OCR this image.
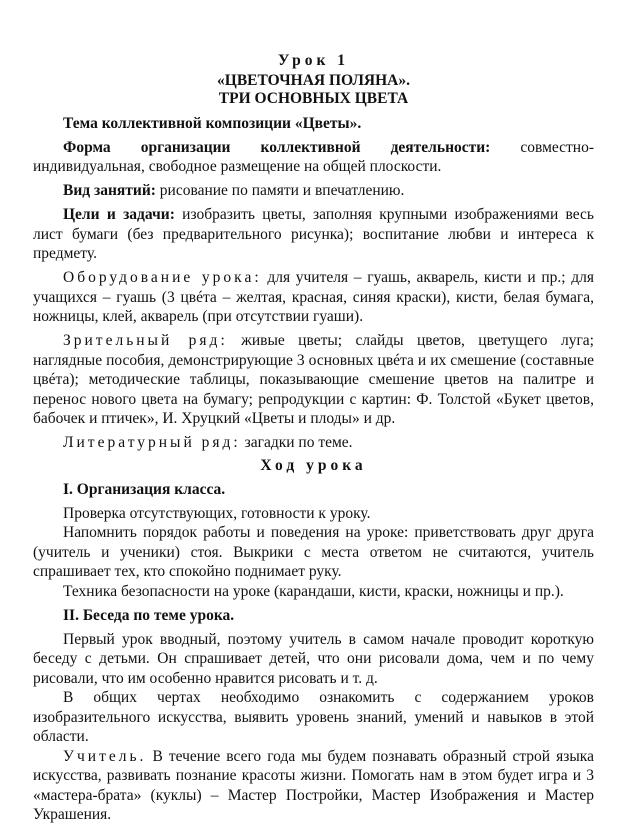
Урок 1
«ЦВЕТОЧНАЯ ПОЛЯНА».
ТРИ ОСНОВНЫХ ЦВЕТА

Тема коллективной композиции «Цветы».

Форма организации коллективной деятельности: совместно-индивидуальная, свободное размещение на общей плоскости.

Вид занятий: рисование по памяти и впечатлению.

Цели и задачи: изобразить цветы, заполняя крупными изображениями весь лист бумаги (без предварительного рисунка); воспитание любви и интереса к предмету.

Оборудование урока: для учителя – гуашь, акварель, кисти и пр.; для учащихся – гуашь (3 цвéта – желтая, красная, синяя краски), кисти, белая бумага, ножницы, клей, акварель (при отсутствии гуаши).

Зрительный ряд: живые цветы; слайды цветов, цветущего луга; наглядные пособия, демонстрирующие 3 основных цвéта и их смешение (составные цвéта); методические таблицы, показывающие смешение цветов на палитре и перенос нового цвета на бумагу; репродукции с картин: Ф. Толстой «Букет цветов, бабочек и птичек», И. Хруцкий «Цветы и плоды» и др.

Литературный ряд: загадки по теме.

Ход урока

I. Организация класса.

Проверка отсутствующих, готовности к уроку.

Напомнить порядок работы и поведения на уроке: приветствовать друг друга (учитель и ученики) стоя. Выкрики с места ответом не считаются, учитель спрашивает тех, кто спокойно поднимает руку.

Техника безопасности на уроке (карандаши, кисти, краски, ножницы и пр.).

II. Беседа по теме урока.

Первый урок вводный, поэтому учитель в самом начале проводит короткую беседу с детьми. Он спрашивает детей, что они рисовали дома, чем и по чему рисовали, что им особенно нравится рисовать и т. д.

В общих чертах необходимо ознакомить с содержанием уроков изобразительного искусства, выявить уровень знаний, умений и навыков в этой области.

Учитель. В течение всего года мы будем познавать образный строй языка искусства, развивать познание красоты жизни. Помогать нам в этом будет игра и 3 «мастера-брата» (куклы) – Мастер Постройки, Мастер Изображения и Мастер Украшения.
